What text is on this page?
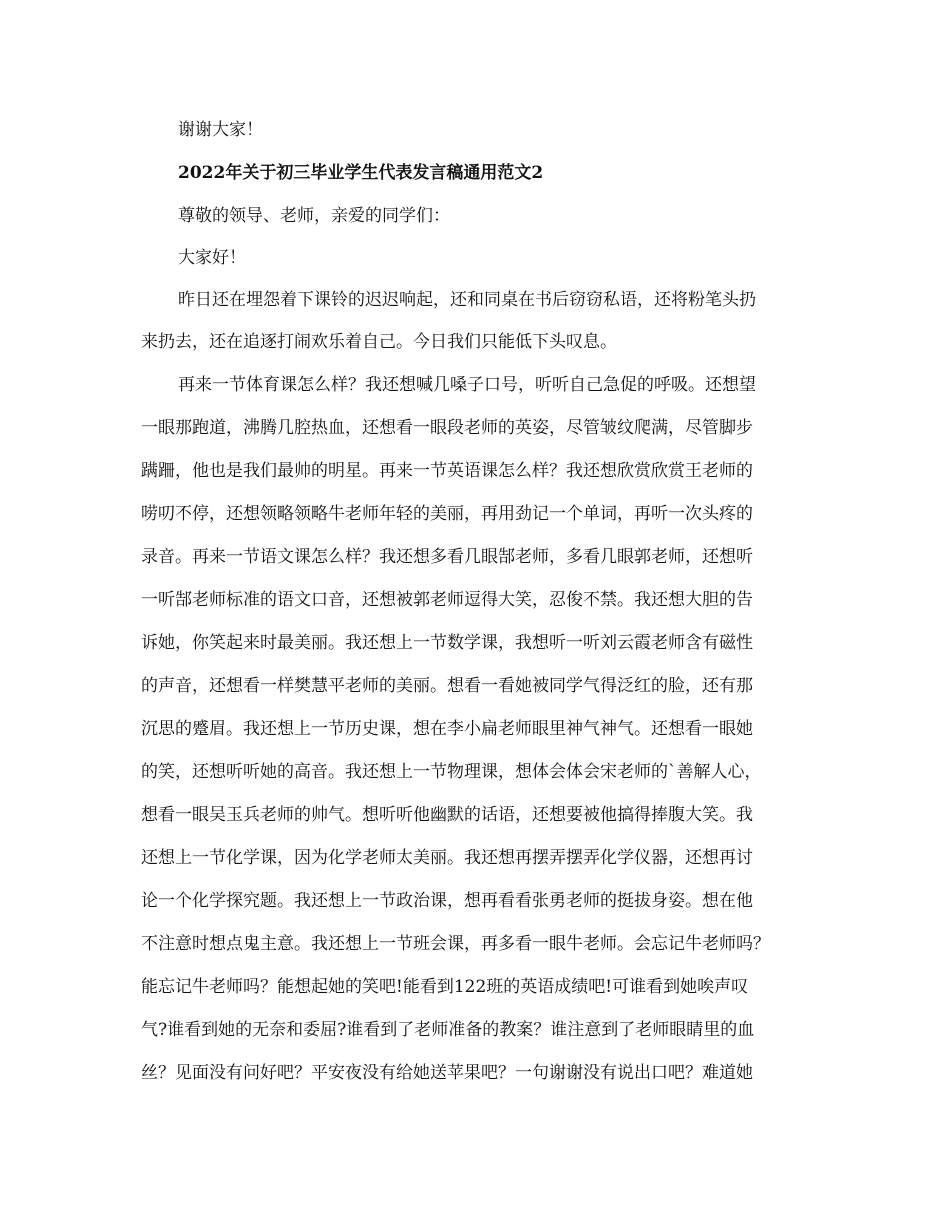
谢谢大家！
2022年关于初三毕业学生代表发言稿通用范文2
尊敬的领导、老师，亲爱的同学们：
大家好！
昨日还在埋怨着下课铃的迟迟响起，还和同桌在书后窃窃私语，还将粉笔头扔
来扔去，还在追逐打闹欢乐着自己。今日我们只能低下头叹息。
再来一节体育课怎么样？我还想喊几嗓子口号，听听自己急促的呼吸。还想望
一眼那跑道，沸腾几腔热血，还想看一眼段老师的英姿，尽管皱纹爬满，尽管脚步
蹒跚，他也是我们最帅的明星。再来一节英语课怎么样？我还想欣赏欣赏王老师的
唠叨不停，还想领略领略牛老师年轻的美丽，再用劲记一个单词，再听一次头疼的
录音。再来一节语文课怎么样？我还想多看几眼郜老师，多看几眼郭老师，还想听
一听郜老师标准的语文口音，还想被郭老师逗得大笑，忍俊不禁。我还想大胆的告
诉她，你笑起来时最美丽。我还想上一节数学课，我想听一听刘云霞老师含有磁性
的声音，还想看一样樊慧平老师的美丽。想看一看她被同学气得泛红的脸，还有那
沉思的蹙眉。我还想上一节历史课，想在李小扁老师眼里神气神气。还想看一眼她
的笑，还想听听她的高音。我还想上一节物理课，想体会体会宋老师的`善解人心，
想看一眼吴玉兵老师的帅气。想听听他幽默的话语，还想要被他搞得捧腹大笑。我
还想上一节化学课，因为化学老师太美丽。我还想再摆弄摆弄化学仪器，还想再讨
论一个化学探究题。我还想上一节政治课，想再看看张勇老师的挺拔身姿。想在他
不注意时想点鬼主意。我还想上一节班会课，再多看一眼牛老师。会忘记牛老师吗？
能忘记牛老师吗？能想起她的笑吧!能看到122班的英语成绩吧!可谁看到她唉声叹
气?谁看到她的无奈和委屈?谁看到了老师准备的教案？谁注意到了老师眼睛里的血
丝？见面没有问好吧？平安夜没有给她送苹果吧？一句谢谢没有说出口吧？难道她
